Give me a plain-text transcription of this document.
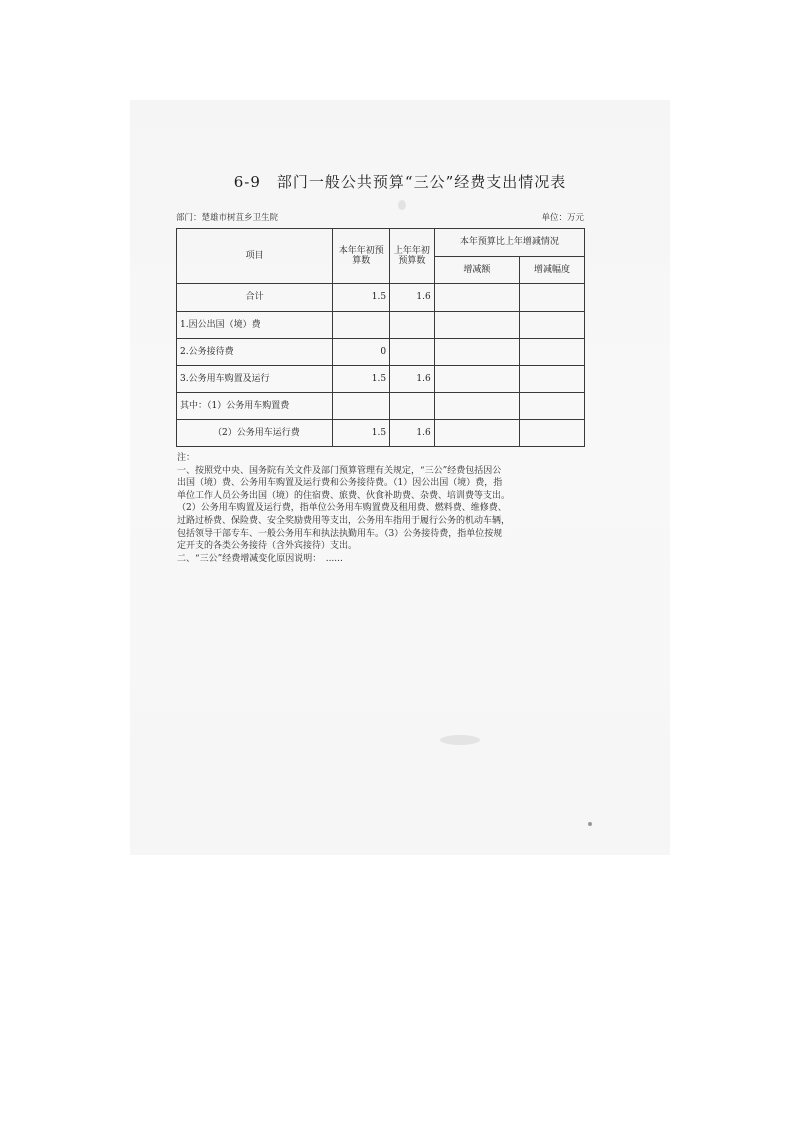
6-9　部门一般公共预算“三公”经费支出情况表
部门：楚雄市树苴乡卫生院	单位：万元
项目	本年年初预算数	上年年初预算数	本年预算比上年增减情况	
			增减额	增减幅度
合计	1.5	1.6		
1.因公出国（境）费				
2.公务接待费	0			
3.公务用车购置及运行	1.5	1.6		
其中：（1）公务用车购置费				
（2）公务用车运行费	1.5	1.6		
注：
一、按照党中央、国务院有关文件及部门预算管理有关规定，“三公”经费包括因公
出国（境）费、公务用车购置及运行费和公务接待费。（1）因公出国（境）费，指
单位工作人员公务出国（境）的住宿费、旅费、伙食补助费、杂费、培训费等支出。
（2）公务用车购置及运行费，指单位公务用车购置费及租用费、燃料费、维修费、
过路过桥费、保险费、安全奖励费用等支出，公务用车指用于履行公务的机动车辆，
包括领导干部专车、一般公务用车和执法执勤用车。（3）公务接待费，指单位按规
定开支的各类公务接待（含外宾接待）支出。
二、“三公”经费增减变化原因说明：　......
